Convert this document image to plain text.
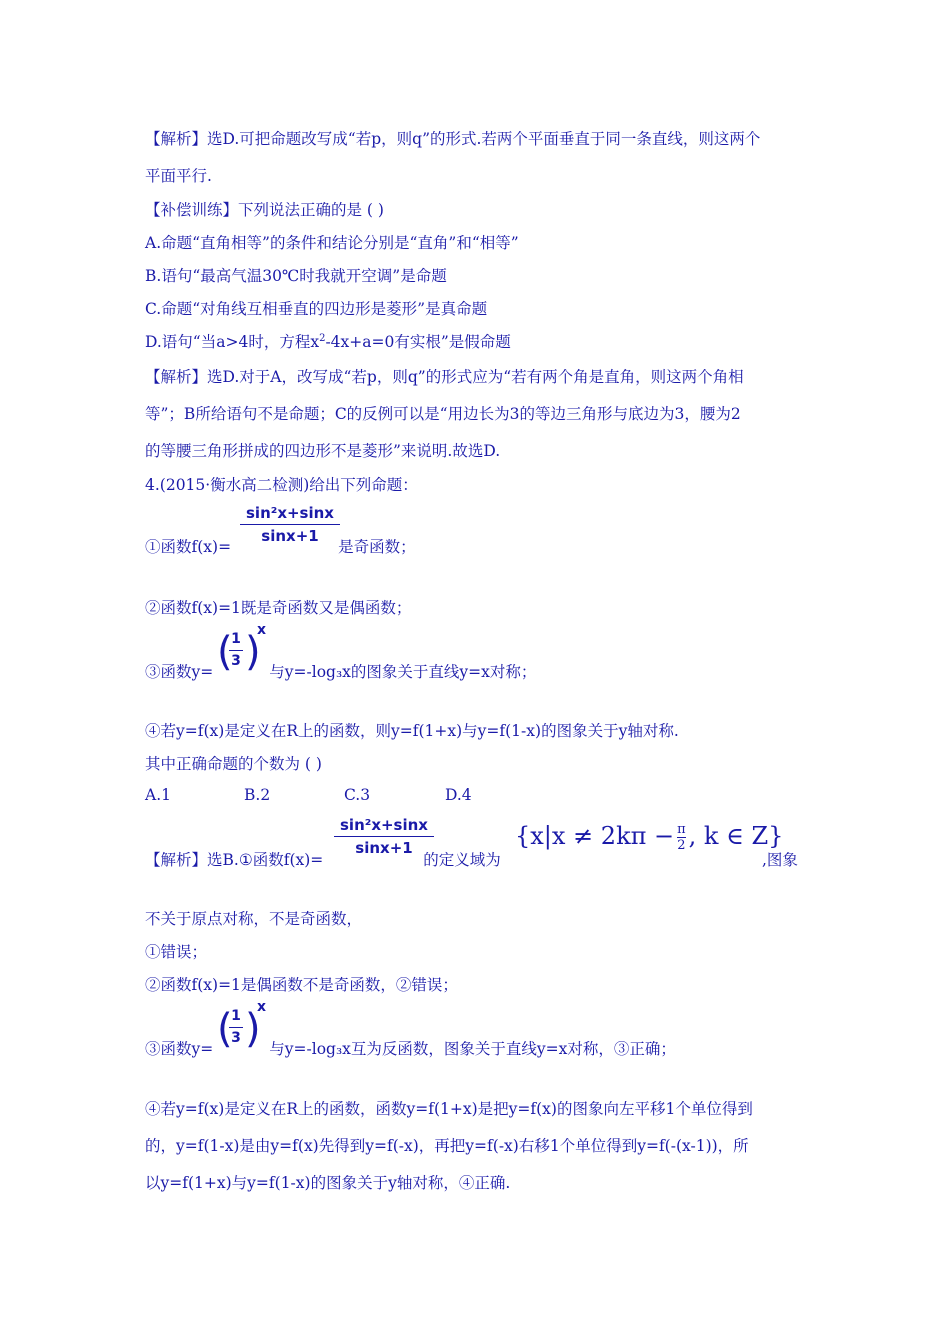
【解析】选D.可把命题改写成“若p，则q”的形式.若两个平面垂直于同一条直线，则这两个
平面平行.
【补偿训练】下列说法正确的是 ( )
A.命题“直角相等”的条件和结论分别是“直角”和“相等”
B.语句“最高气温30℃时我就开空调”是命题
C.命题“对角线互相垂直的四边形是菱形”是真命题
D.语句“当a>4时，方程$x^2-4x+a=0$有实根”是假命题
【解析】选D.对于A，改写成“若p，则q”的形式应为“若有两个角是直角，则这两个角相
等”；B所给语句不是命题；C的反例可以是“用边长为3的等边三角形与底边为3，腰为2
的等腰三角形拼成的四边形不是菱形”来说明.故选D.
4.(2015·衡水高二检测)给出下列命题：
sin²x+sinx
sinx+1
①函数f(x)=	是奇函数；
②函数f(x)=1既是奇函数又是偶函数；
(
1
3 )
x
③函数y=	与y=-log₃x的图象关于直线y=x对称；
④若y=f(x)是定义在R上的函数，则y=f(1+x)与y=f(1-x)的图象关于y轴对称.
其中正确命题的个数为 ( )
A.1	B.2	C.3	D.4
sin²x+sinx
sinx+1
【解析】选B.①函数f(x)=	的定义域为
{$x|x \ne 2k\pi - \frac{\pi}{2}$ , k ∈ Z}
,图象
不关于原点对称，不是奇函数，
①错误；
②函数f(x)=1是偶函数不是奇函数，②错误；
(
1
3 )
x
③函数y=	与y=-log₃x互为反函数，图象关于直线y=x对称，③正确；
④若y=f(x)是定义在R上的函数，函数y=f(1+x)是把y=f(x)的图象向左平移1个单位得到
的，y=f(1-x)是由y=f(x)先得到y=f(-x)，再把y=f(-x)右移1个单位得到y=f(-(x-1))，所
以y=f(1+x)与y=f(1-x)的图象关于y轴对称，④正确.
